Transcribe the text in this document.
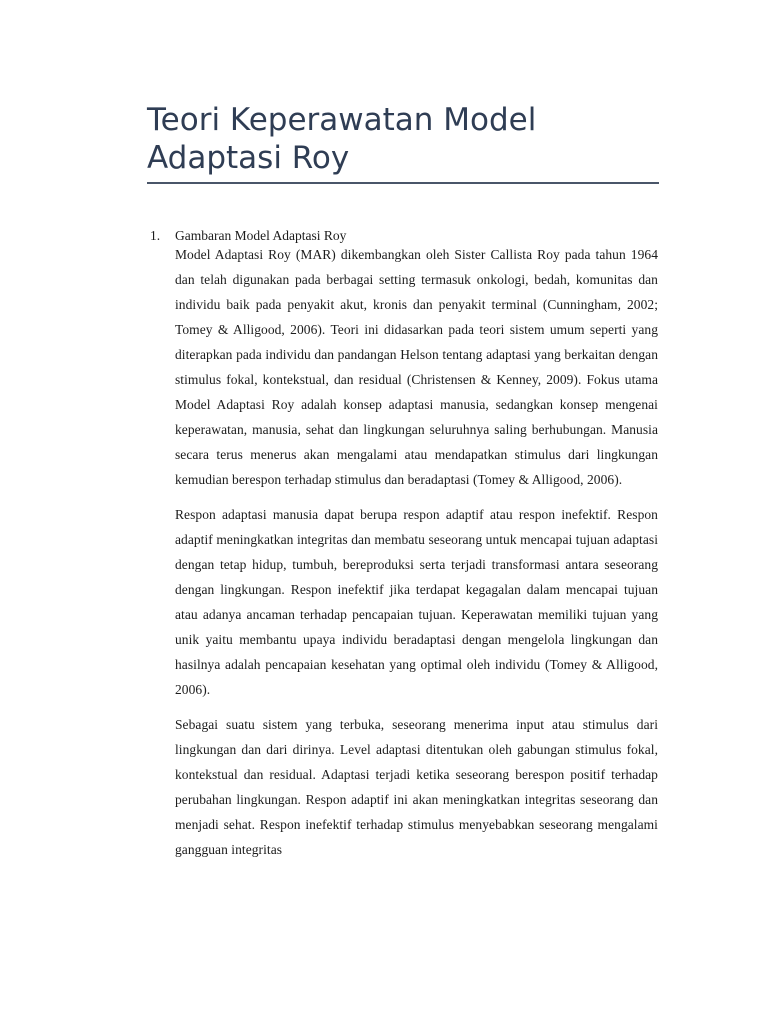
Teori Keperawatan Model Adaptasi Roy
1. Gambaran Model Adaptasi Roy

Model Adaptasi Roy (MAR) dikembangkan oleh Sister Callista Roy pada tahun 1964 dan telah digunakan pada berbagai setting termasuk onkologi, bedah, komunitas dan individu baik pada penyakit akut, kronis dan penyakit terminal (Cunningham, 2002; Tomey & Alligood, 2006). Teori ini didasarkan pada teori sistem umum seperti yang diterapkan pada individu dan pandangan Helson tentang adaptasi yang berkaitan dengan stimulus fokal, kontekstual, dan residual (Christensen & Kenney, 2009). Fokus utama Model Adaptasi Roy adalah konsep adaptasi manusia, sedangkan konsep mengenai keperawatan, manusia, sehat dan lingkungan seluruhnya saling berhubungan. Manusia secara terus menerus akan mengalami atau mendapatkan stimulus dari lingkungan kemudian berespon terhadap stimulus dan beradaptasi (Tomey & Alligood, 2006).

Respon adaptasi manusia dapat berupa respon adaptif atau respon inefektif. Respon adaptif meningkatkan integritas dan membatu seseorang untuk mencapai tujuan adaptasi dengan tetap hidup, tumbuh, bereproduksi serta terjadi transformasi antara seseorang dengan lingkungan. Respon inefektif jika terdapat kegagalan dalam mencapai tujuan atau adanya ancaman terhadap pencapaian tujuan. Keperawatan memiliki tujuan yang unik yaitu membantu upaya individu beradaptasi dengan mengelola lingkungan dan hasilnya adalah pencapaian kesehatan yang optimal oleh individu (Tomey & Alligood, 2006).

Sebagai suatu sistem yang terbuka, seseorang menerima input atau stimulus dari lingkungan dan dari dirinya. Level adaptasi ditentukan oleh gabungan stimulus fokal, kontekstual dan residual. Adaptasi terjadi ketika seseorang berespon positif terhadap perubahan lingkungan. Respon adaptif ini akan meningkatkan integritas seseorang dan menjadi sehat. Respon inefektif terhadap stimulus menyebabkan seseorang mengalami gangguan integritas
